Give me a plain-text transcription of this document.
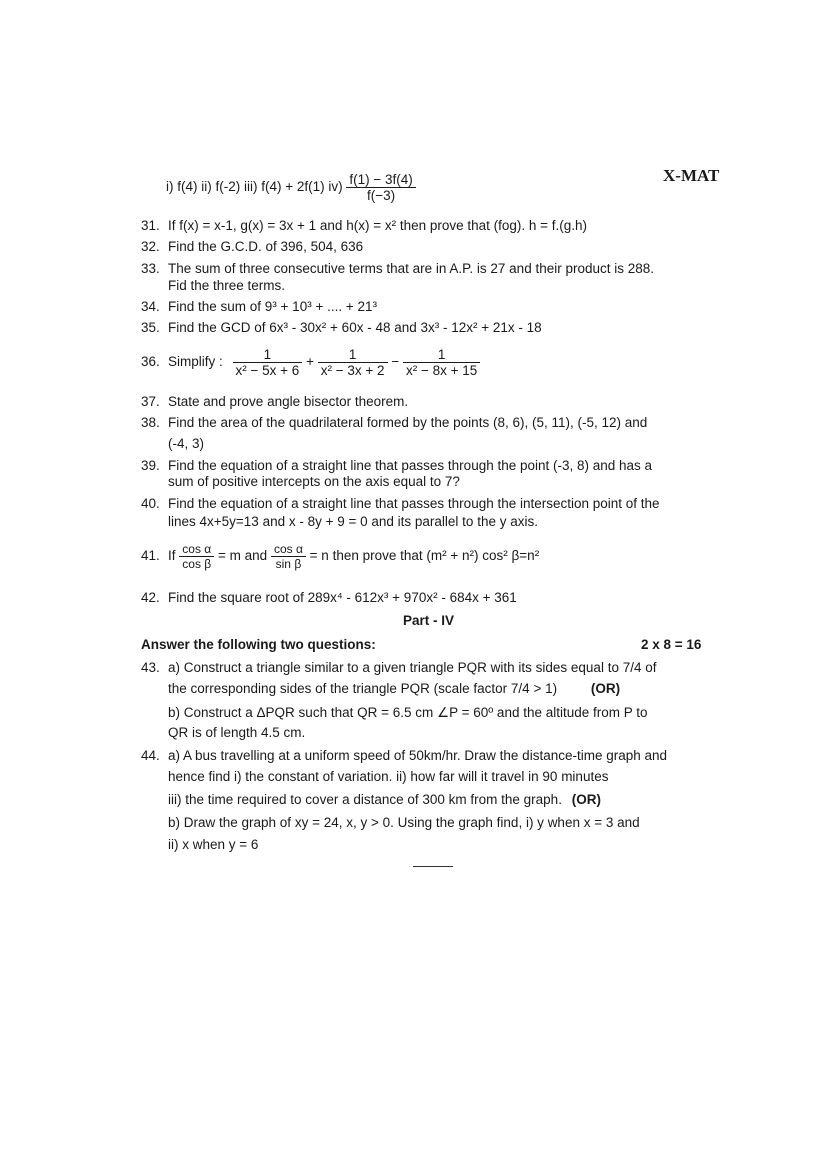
X-MAT
i) f(4) ii) f(-2) iii) f(4) + 2f(1) $iv) \frac{f(1) - 3f(4)}{f(-3)}$
31. If f(x) = x-1, g(x) = 3x + 1 and h(x) = x² then prove that (fog). h = f.(g.h)
32. Find the G.C.D. of 396, 504, 636
33. The sum of three consecutive terms that are in A.P. is 27 and their product is 288.
Fid the three terms.
34. Find the sum of 9³ + 10³ + .... + 21³
35. Find the GCD of 6x³ - 30x² + 60x - 48 and 3x³ - 12x² + 21x - 18
36. Simplify : $\frac{1}{\text{x² − 5x + 6}} + \frac{1}{\text{x² − 3x + 2}} - \frac{1}{\text{x² − 8x + 15}}$
37. State and prove angle bisector theorem.
38. Find the area of the quadrilateral formed by the points (8, 6), (5, 11), (-5, 12) and
(-4, 3)
39. Find the equation of a straight line that passes through the point (-3, 8) and has a
sum of positive intercepts on the axis equal to 7?
40. Find the equation of a straight line that passes through the intersection point of the
lines 4x+5y=13 and x - 8y + 9 = 0 and its parallel to the y axis.
41. If $\frac{\text{cos α}}{\text{cos β}} = m$ and $\frac{\text{cos α}}{\text{sin β}} = n$ then prove that (m² + n²) cos² β=n²
42. Find the square root of 289x⁴ - 612x³ + 970x² - 684x + 361
Part - IV
Answer the following two questions:	2 x 8 = 16
43. a) Construct a triangle similar to a given triangle PQR with its sides equal to 7/4 of
the corresponding sides of the triangle PQR (scale factor 7/4 > 1)	(OR)
b) Construct a ΔPQR such that QR = 6.5 cm ∠P = 60º and the altitude from P to
QR is of length 4.5 cm.
44. a) A bus travelling at a uniform speed of 50km/hr. Draw the distance-time graph and
hence find i) the constant of variation. ii) how far will it travel in 90 minutes
iii) the time required to cover a distance of 300 km from the graph. (OR)
b) Draw the graph of xy = 24, x, y > 0. Using the graph find, i) y when x = 3 and
ii) x when y = 6
